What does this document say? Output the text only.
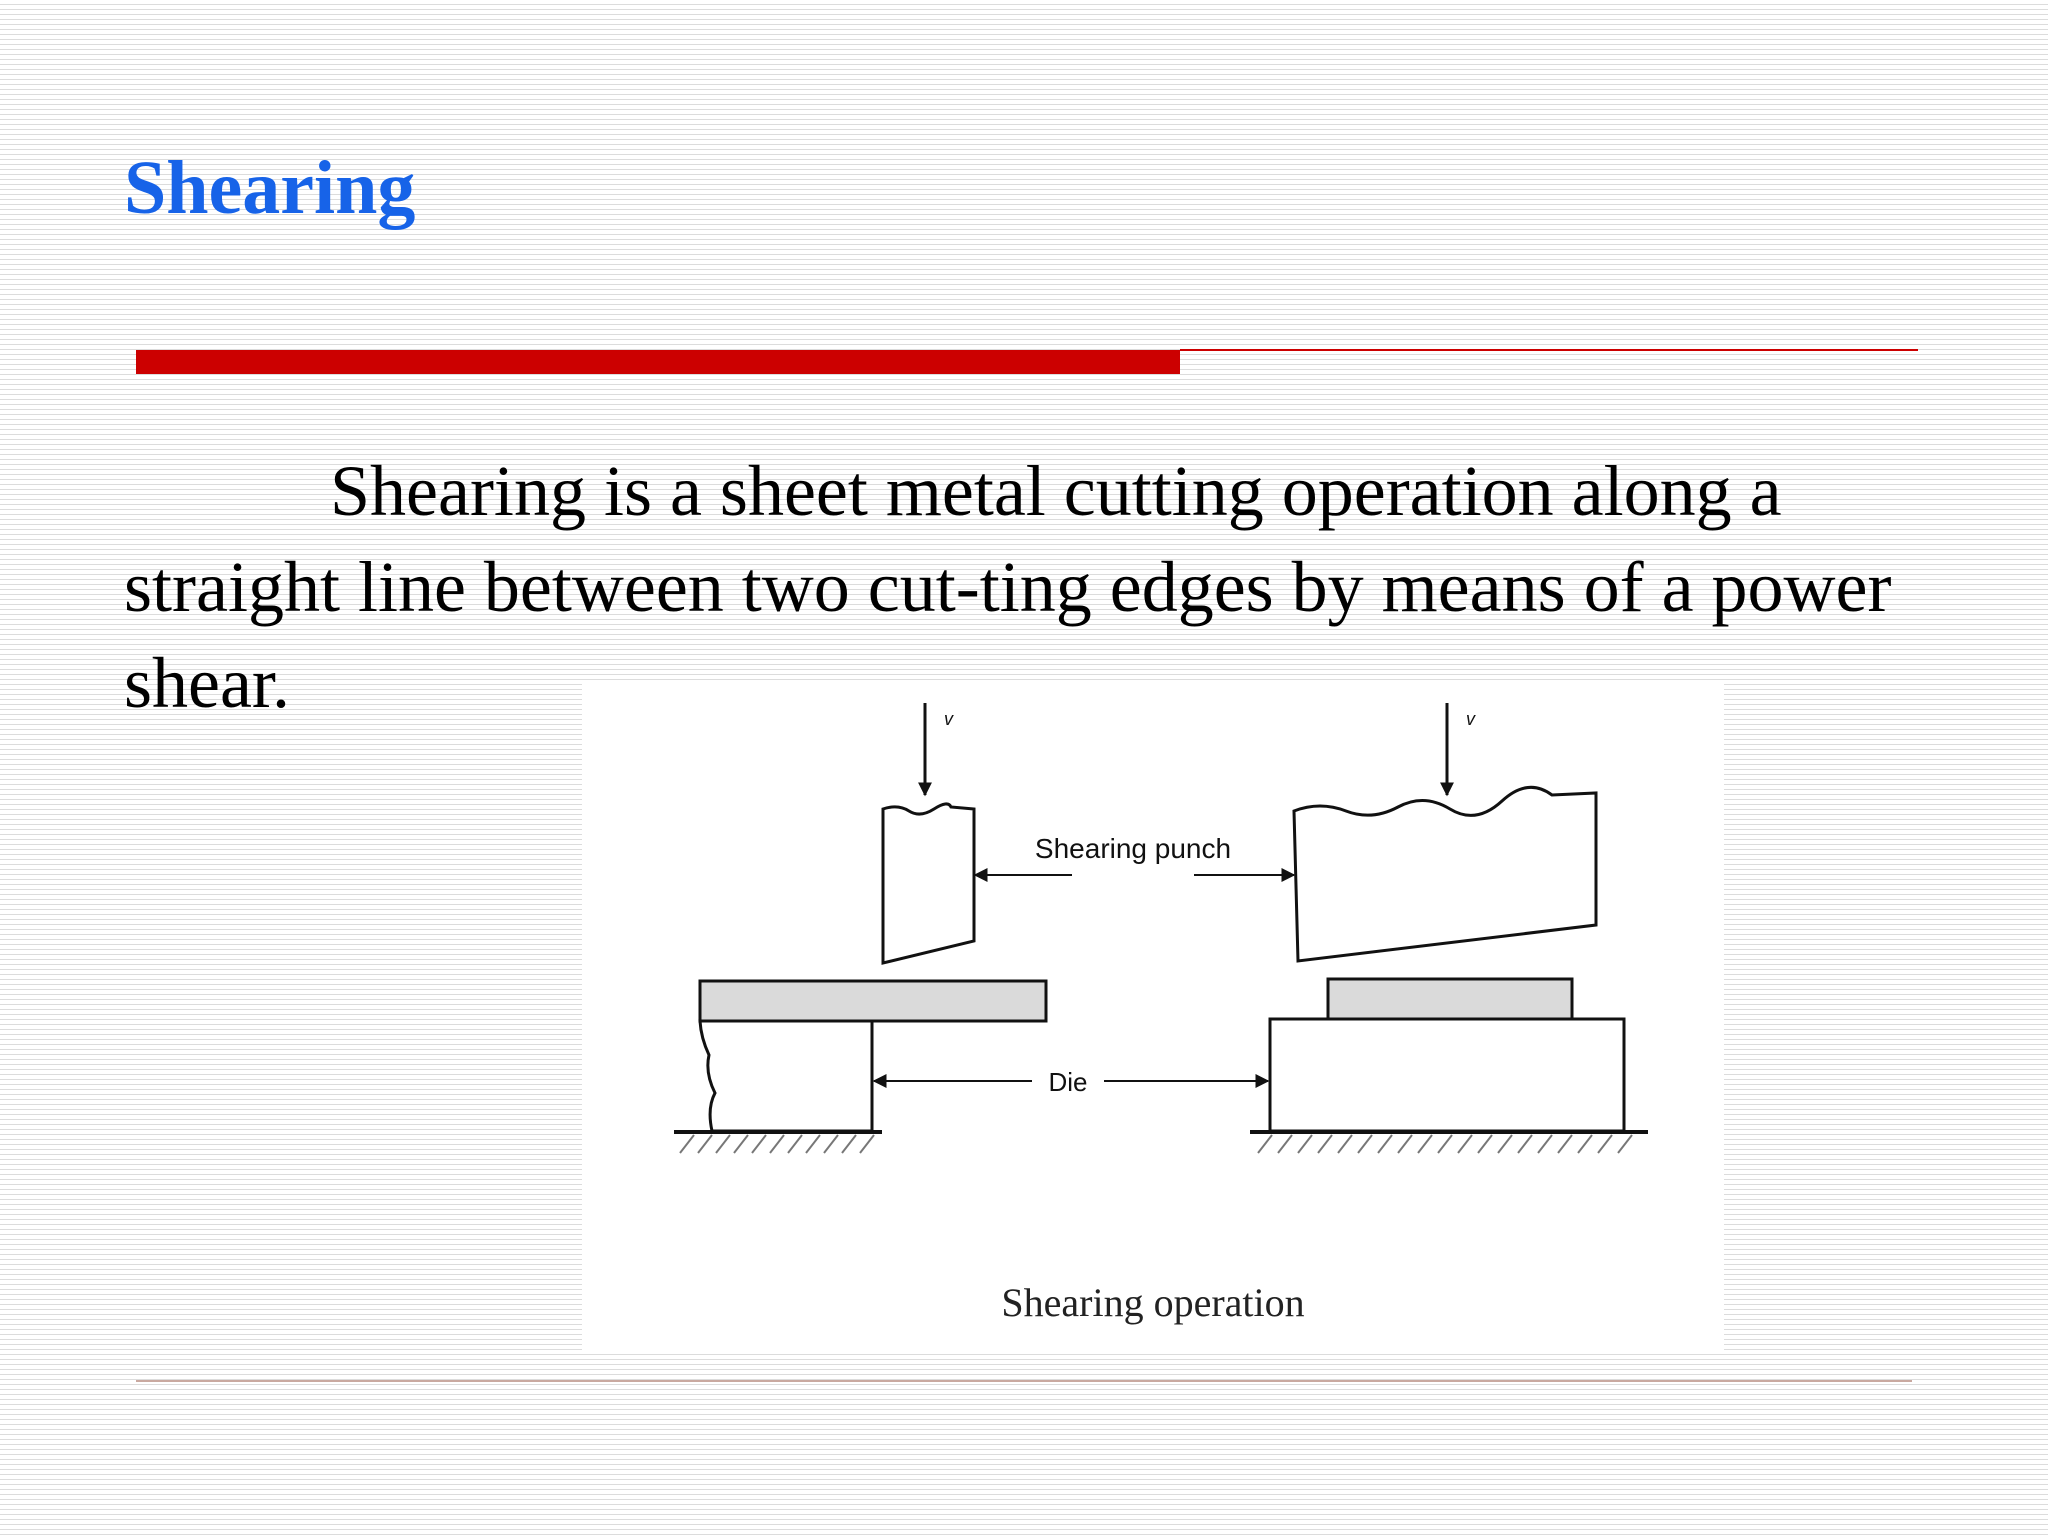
Shearing

Shearing is a sheet metal cutting operation along a straight line between two cut-ting edges by means of a power shear.	v	v
Shearing punch
Die
Shearing operation
